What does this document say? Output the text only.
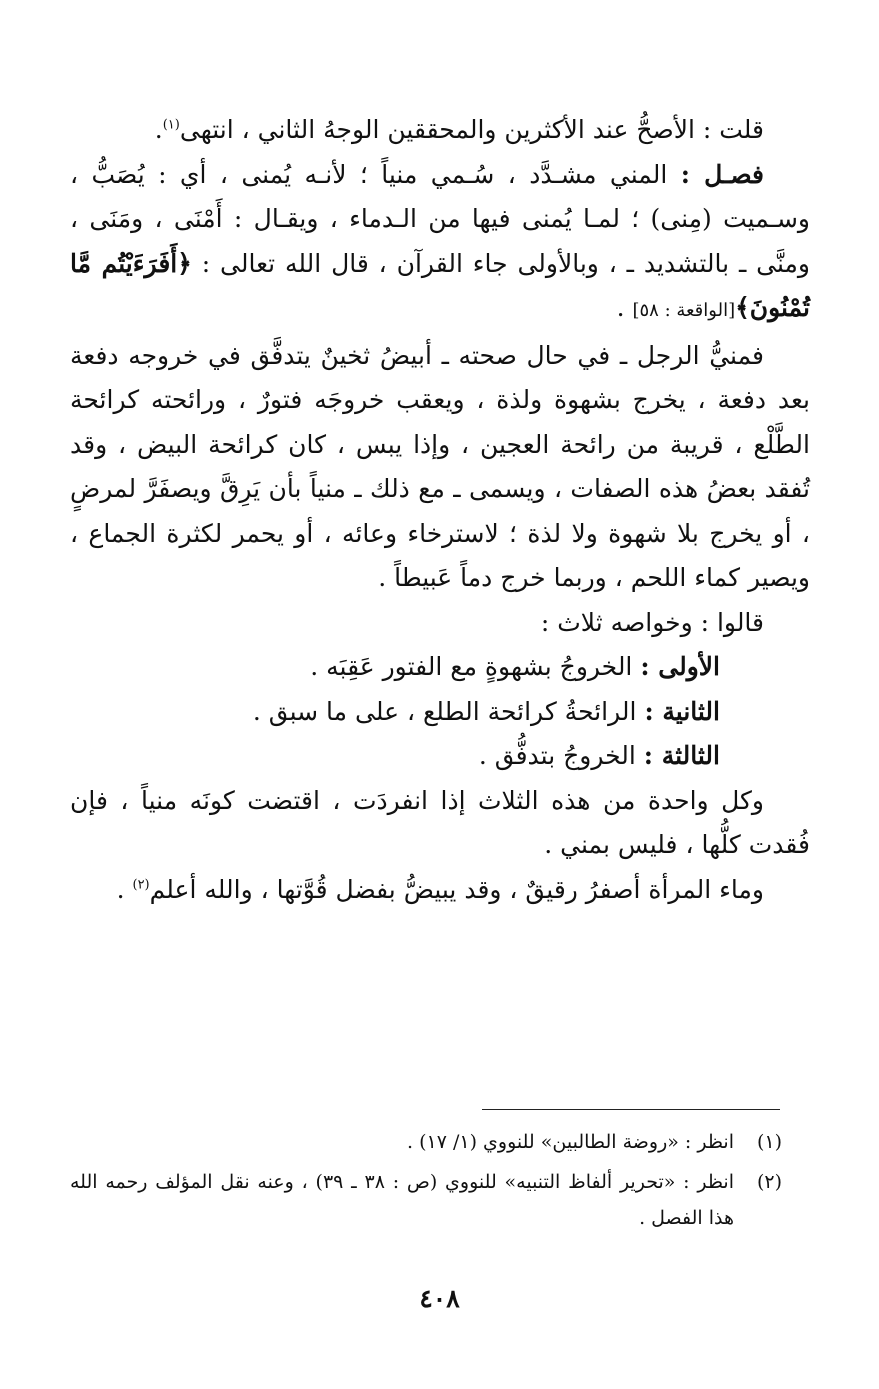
قلت : الأصحُّ عند الأكثرين والمحققين الوجهُ الثاني ، انتهى$^{(١)}$.

فصـل : المني مشـدَّد ، سُـمي منياً ؛ لأنـه يُمنى ، أي : يُصَبُّ ، وسـميت (مِنى) ؛ لمـا يُمنى فيها من الـدماء ، ويقـال : أَمْنَى ، ومَنَى ، ومنَّى ـ بالتشديد ـ ، وبالأولى جاء القرآن ، قال الله تعالى : ﴿أَفَرَءَيْتُم مَّا تُمْنُونَ﴾[الواقعة : ٥٨] .

فمنيُّ الرجل ـ في حال صحته ـ أبيضُ ثخينٌ يتدفَّق في خروجه دفعة بعد دفعة ، يخرج بشهوة ولذة ، ويعقب خروجَه فتورٌ ، ورائحته كرائحة الطَّلْع ، قريبة من رائحة العجين ، وإذا يبس ، كان كرائحة البيض ، وقد تُفقد بعضُ هذه الصفات ، ويسمى ـ مع ذلك ـ منياً بأن يَرِقَّ ويصفَرَّ لمرضٍ ، أو يخرج بلا شهوة ولا لذة ؛ لاسترخاء وعائه ، أو يحمر لكثرة الجماع ، ويصير كماء اللحم ، وربما خرج دماً عَبيطاً .

قالوا : وخواصه ثلاث :

الأولى : الخروجُ بشهوةٍ مع الفتور عَقِبَه .

الثانية : الرائحةُ كرائحة الطلع ، على ما سبق .

الثالثة : الخروجُ بتدفُّق .

وكل واحدة من هذه الثلاث إذا انفردَت ، اقتضت كونَه منياً ، فإن فُقدت كلُّها ، فليس بمني .

وماء المرأة أصفرُ رقيقٌ ، وقد يبيضُّ بفضل قُوَّتها ، والله أعلم$^{(٢)}$ .

(١)
انظر : «روضة الطالبين» للنووي (١/ ١٧) .
(٢)
انظر : «تحرير ألفاظ التنبيه» للنووي (ص : ٣٨ ـ ٣٩) ، وعنه نقل المؤلف رحمه الله هذا الفصل .
٤٠٨
